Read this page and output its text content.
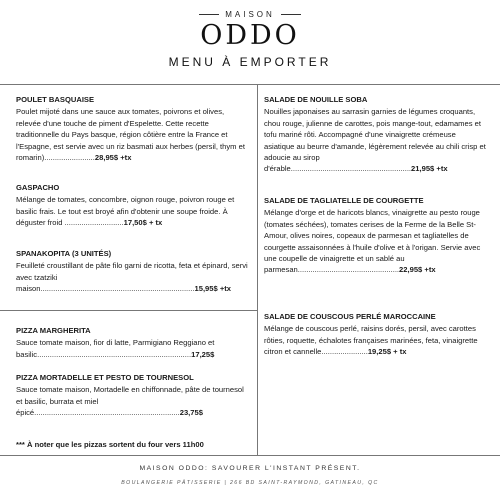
MAISON
ODDO
MENU À EMPORTER
POULET BASQUAISE
Poulet mijoté dans une sauce aux tomates, poivrons et olives, relevée d'une touche de piment d'Espelette. Cette recette traditionnelle du Pays basque, région côtière entre la France et l'Espagne, est servie avec un riz basmati aux herbes (persil, thym et romarin)........................28,95$ +tx
GASPACHO
Mélange de tomates, concombre, oignon rouge, poivron rouge et basilic frais. Le tout est broyé afin d'obtenir une soupe froide. À déguster froid ............................17,50$ + tx
SPANAKOPITA (3 UNITÉS)
Feuilleté croustillant de pâte filo garni de ricotta, feta et épinard, servi avec tzatziki maison.........................................................................15,95$ +tx
PIZZA MARGHERITA
Sauce tomate maison, fior di latte, Parmigiano Reggiano et basilic.........................................................................17,25$
PIZZA MORTADELLE ET PESTO DE TOURNESOL
Sauce tomate maison, Mortadelle en chiffonnade, pâte de tournesol et basilic, burrata et miel épicé.....................................................................23,75$
SALADE DE NOUILLE SOBA
Nouilles japonaises au sarrasin garnies de légumes croquants, chou rouge, julienne de carottes, pois mange-tout, edamames et tofu mariné rôti. Accompagné d'une vinaigrette crémeuse asiatique au beurre d'amande, légèrement relevée au chili crisp et adoucie au sirop d'érable.........................................................21,95$ +tx
SALADE DE TAGLIATELLE DE COURGETTE
Mélange d'orge et de haricots blancs, vinaigrette au pesto rouge (tomates séchées), tomates cerises de la Ferme de la Belle St-Amour, olives noires, copeaux de parmesan et tagliatelles de courgette assaisonnées à l'huile d'olive et à l'origan. Servie avec une coupelle de vinaigrette et un sablé au parmesan................................................22,95$ +tx
SALADE DE COUSCOUS PERLÉ MAROCCAINE
Mélange de couscous perlé, raisins dorés, persil, avec carottes rôties, roquette, échalotes françaises marinées, feta, vinaigrette citron et cannelle......................19,25$ + tx
*** À noter que les pizzas sortent du four vers 11h00
MAISON ODDO: SAVOURER L'INSTANT PRÉSENT.
BOULANGERIE PÂTISSERIE | 266 BD SAINT-RAYMOND, GATINEAU, QC
